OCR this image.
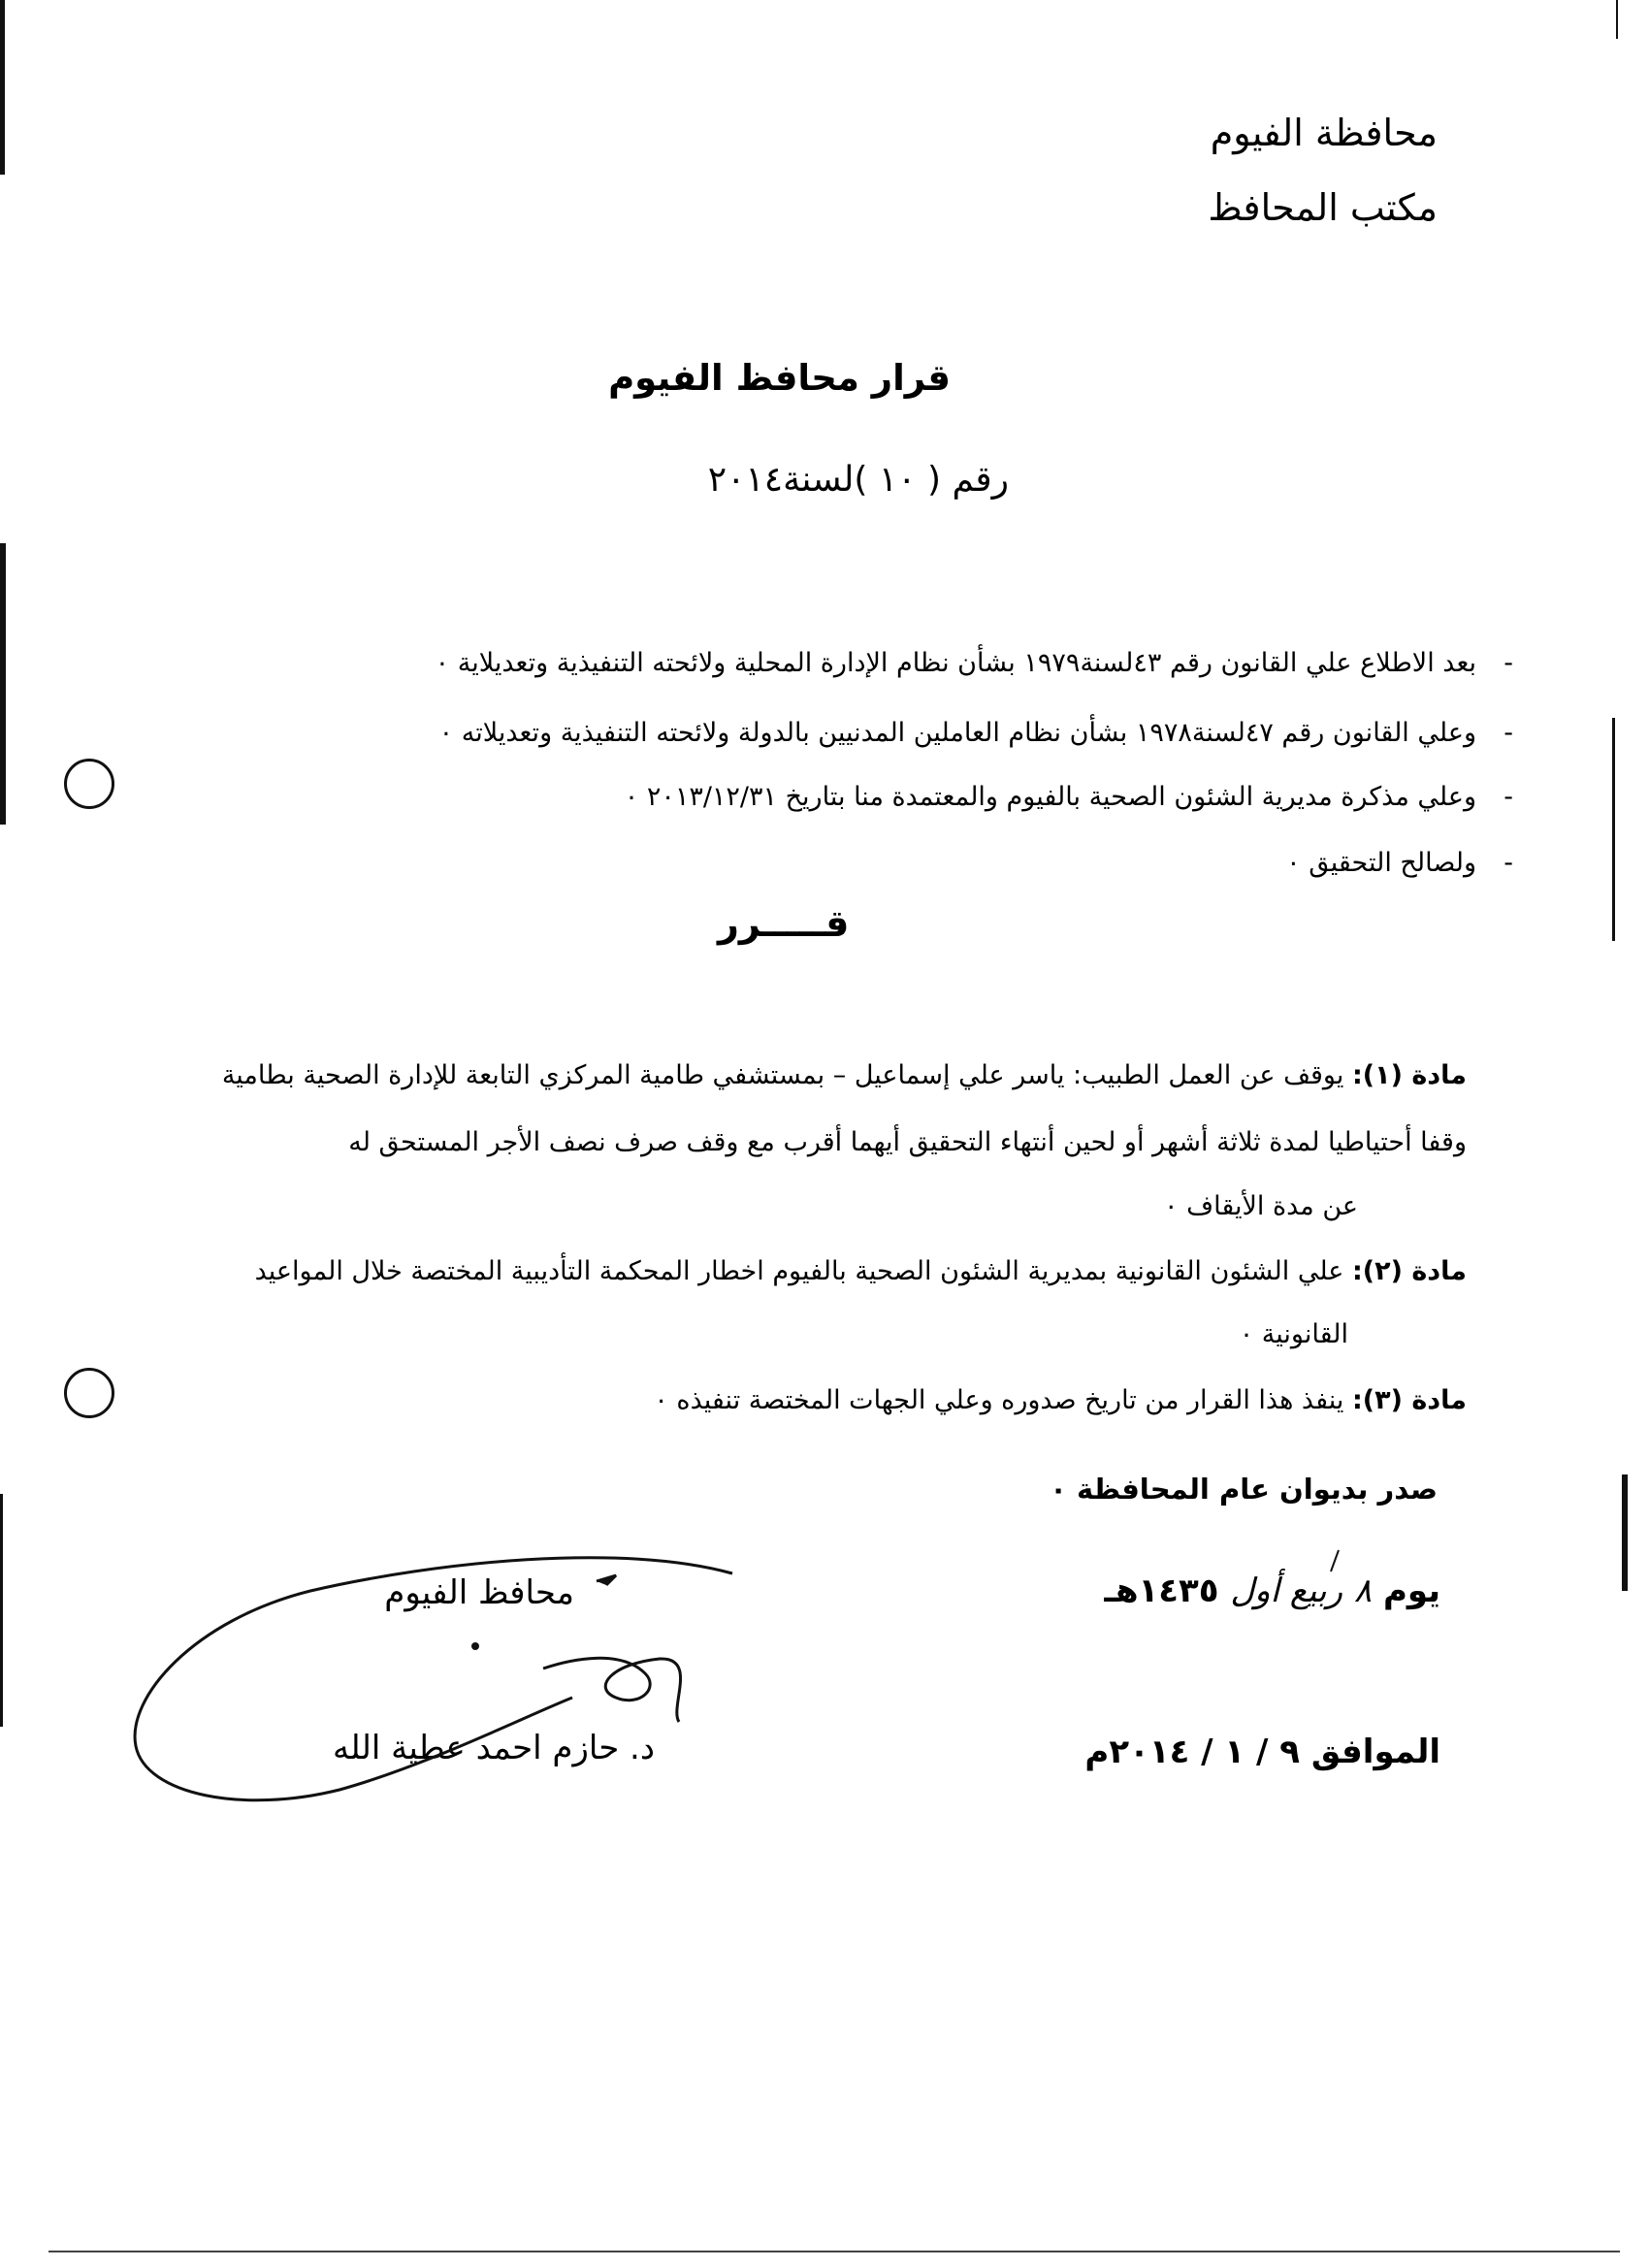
محافظة الفيوم
مكتب المحافظ
قرار محافظ الفيوم
رقم ( ١٠ )لسنة٢٠١٤
-
بعد الاطلاع علي القانون رقم ٤٣لسنة١٩٧٩ بشأن نظام الإدارة المحلية ولائحته التنفيذية وتعديلاية ٠
-
وعلي القانون رقم ٤٧لسنة١٩٧٨ بشأن نظام العاملين المدنيين بالدولة ولائحته التنفيذية وتعديلاته ٠
-
وعلي مذكرة مديرية الشئون الصحية بالفيوم والمعتمدة منا بتاريخ ٢٠١٣/١٢/٣١ ٠
-
ولصالح التحقيق ٠
قـــــرر
مادة (١): يوقف عن العمل الطبيب: ياسر علي إسماعيل – بمستشفي طامية المركزي التابعة للإدارة الصحية بطامية
وقفا أحتياطيا لمدة ثلاثة أشهر أو لحين أنتهاء التحقيق أيهما أقرب مع وقف صرف نصف الأجر المستحق له
عن مدة الأيقاف ٠
مادة (٢): علي الشئون القانونية بمديرية الشئون الصحية بالفيوم اخطار المحكمة التأديبية المختصة خلال المواعيد
القانونية ٠
مادة (٣): ينفذ هذا القرار من تاريخ صدوره وعلي الجهات المختصة تنفيذه ٠
صدر بديوان عام المحافظة ٠
يوم ٨ ربيع أول ١٤٣٥هـ
الموافق ٩ / ١ / ٢٠١٤م
محافظ الفيوم
د. حازم احمد عطية الله
